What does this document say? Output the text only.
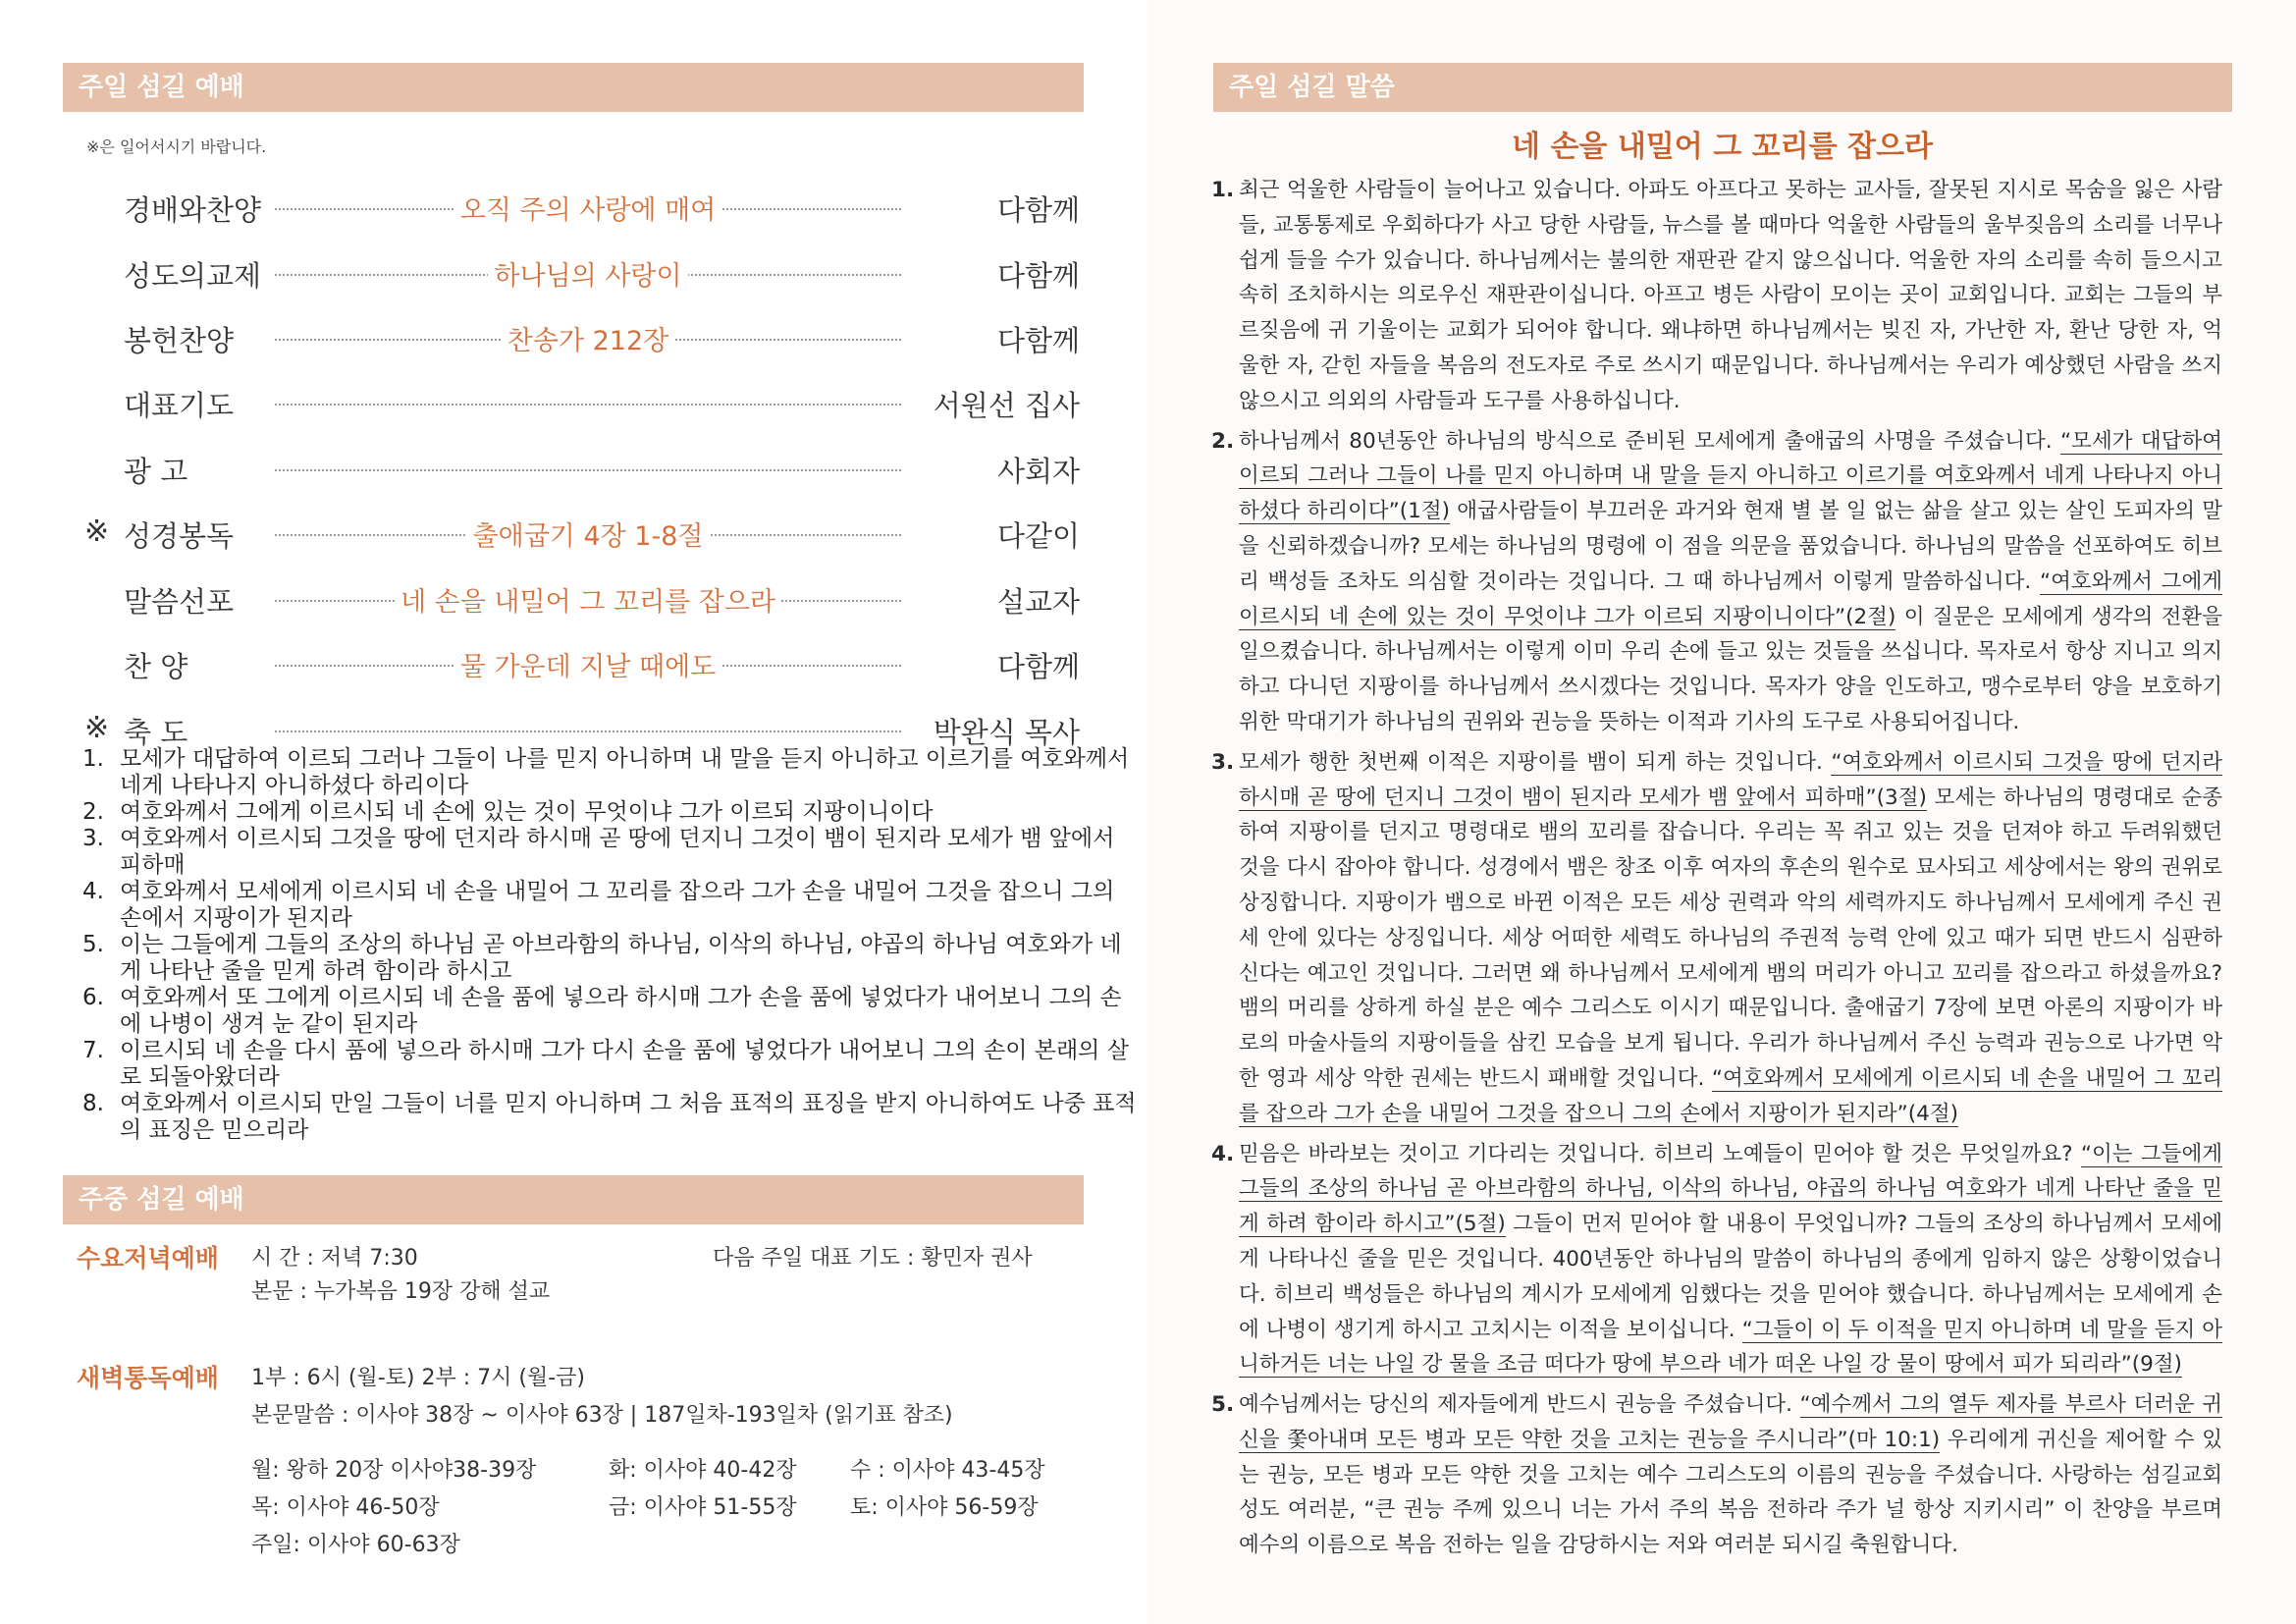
주일 섬길 예배
※은 일어서시기 바랍니다.
경배와찬양	오직 주의 사랑에 매여	다함께
성도의교제	하나님의 사랑이	다함께
봉헌찬양	찬송가 212장	다함께
대표기도	서원선 집사
광 고	사회자
※ 성경봉독	출애굽기 4장 1-8절	다같이
말씀선포	네 손을 내밀어 그 꼬리를 잡으라	설교자
찬 양	물 가운데 지날 때에도	다함께
※ 축 도	박완식 목사
1. 모세가 대답하여 이르되 그러나 그들이 나를 믿지 아니하며 내 말을 듣지 아니하고 이르기를 여호와께서 네게 나타나지 아니하셨다 하리이다
2. 여호와께서 그에게 이르시되 네 손에 있는 것이 무엇이냐 그가 이르되 지팡이니이다
3. 여호와께서 이르시되 그것을 땅에 던지라 하시매 곧 땅에 던지니 그것이 뱀이 된지라 모세가 뱀 앞에서 피하매
4. 여호와께서 모세에게 이르시되 네 손을 내밀어 그 꼬리를 잡으라 그가 손을 내밀어 그것을 잡으니 그의 손에서 지팡이가 된지라
5. 이는 그들에게 그들의 조상의 하나님 곧 아브라함의 하나님, 이삭의 하나님, 야곱의 하나님 여호와가 네게 나타난 줄을 믿게 하려 함이라 하시고
6. 여호와께서 또 그에게 이르시되 네 손을 품에 넣으라 하시매 그가 손을 품에 넣었다가 내어보니 그의 손에 나병이 생겨 눈 같이 된지라
7. 이르시되 네 손을 다시 품에 넣으라 하시매 그가 다시 손을 품에 넣었다가 내어보니 그의 손이 본래의 살로 되돌아왔더라
8. 여호와께서 이르시되 만일 그들이 너를 믿지 아니하며 그 처음 표적의 표징을 받지 아니하여도 나중 표적의 표징은 믿으리라
주중 섬길 예배
수요저녁예배 시 간 : 저녁 7:30	다음 주일 대표 기도 : 황민자 권사
본문 : 누가복음 19장 강해 설교
새벽통독예배 1부 : 6시 (월-토) 2부 : 7시 (월-금)
본문말씀 : 이사야 38장 ~ 이사야 63장 | 187일차-193일차 (읽기표 참조)
월: 왕하 20장 이사야38-39장	화: 이사야 40-42장 수 : 이사야 43-45장
목: 이사야 46-50장	금: 이사야 51-55장 토: 이사야 56-59장
주일: 이사야 60-63장
주일 섬길 말씀
네 손을 내밀어 그 꼬리를 잡으라
1. 최근 억울한 사람들이 늘어나고 있습니다. 아파도 아프다고 못하는 교사들, 잘못된 지시로 목숨을 잃은 사람들, 교통통제로 우회하다가 사고 당한 사람들, 뉴스를 볼 때마다 억울한 사람들의 울부짖음의 소리를 너무나 쉽게 들을 수가 있습니다. 하나님께서는 불의한 재판관 같지 않으십니다. 억울한 자의 소리를 속히 들으시고 속히 조치하시는 의로우신 재판관이십니다. 아프고 병든 사람이 모이는 곳이 교회입니다. 교회는 그들의 부르짖음에 귀 기울이는 교회가 되어야 합니다. 왜냐하면 하나님께서는 빚진 자, 가난한 자, 환난 당한 자, 억울한 자, 갇힌 자들을 복음의 전도자로 주로 쓰시기 때문입니다. 하나님께서는 우리가 예상했던 사람을 쓰지 않으시고 의외의 사람들과 도구를 사용하십니다.
2. 하나님께서 80년동안 하나님의 방식으로 준비된 모세에게 출애굽의 사명을 주셨습니다. “모세가 대답하여 이르되 그러나 그들이 나를 믿지 아니하며 내 말을 듣지 아니하고 이르기를 여호와께서 네게 나타나지 아니하셨다 하리이다”(1절) 애굽사람들이 부끄러운 과거와 현재 별 볼 일 없는 삶을 살고 있는 살인 도피자의 말을 신뢰하겠습니까? 모세는 하나님의 명령에 이 점을 의문을 품었습니다. 하나님의 말씀을 선포하여도 히브리 백성들 조차도 의심할 것이라는 것입니다. 그 때 하나님께서 이렇게 말씀하십니다. “여호와께서 그에게 이르시되 네 손에 있는 것이 무엇이냐 그가 이르되 지팡이니이다”(2절) 이 질문은 모세에게 생각의 전환을 일으켰습니다. 하나님께서는 이렇게 이미 우리 손에 들고 있는 것들을 쓰십니다. 목자로서 항상 지니고 의지하고 다니던 지팡이를 하나님께서 쓰시겠다는 것입니다. 목자가 양을 인도하고, 맹수로부터 양을 보호하기 위한 막대기가 하나님의 권위와 권능을 뜻하는 이적과 기사의 도구로 사용되어집니다.
3. 모세가 행한 첫번째 이적은 지팡이를 뱀이 되게 하는 것입니다. “여호와께서 이르시되 그것을 땅에 던지라 하시매 곧 땅에 던지니 그것이 뱀이 된지라 모세가 뱀 앞에서 피하매”(3절) 모세는 하나님의 명령대로 순종하여 지팡이를 던지고 명령대로 뱀의 꼬리를 잡습니다. 우리는 꼭 쥐고 있는 것을 던져야 하고 두려워했던 것을 다시 잡아야 합니다. 성경에서 뱀은 창조 이후 여자의 후손의 원수로 묘사되고 세상에서는 왕의 권위로 상징합니다. 지팡이가 뱀으로 바뀐 이적은 모든 세상 권력과 악의 세력까지도 하나님께서 모세에게 주신 권세 안에 있다는 상징입니다. 세상 어떠한 세력도 하나님의 주권적 능력 안에 있고 때가 되면 반드시 심판하신다는 예고인 것입니다. 그러면 왜 하나님께서 모세에게 뱀의 머리가 아니고 꼬리를 잡으라고 하셨을까요? 뱀의 머리를 상하게 하실 분은 예수 그리스도 이시기 때문입니다. 출애굽기 7장에 보면 아론의 지팡이가 바로의 마술사들의 지팡이들을 삼킨 모습을 보게 됩니다. 우리가 하나님께서 주신 능력과 권능으로 나가면 악한 영과 세상 악한 권세는 반드시 패배할 것입니다. “여호와께서 모세에게 이르시되 네 손을 내밀어 그 꼬리를 잡으라 그가 손을 내밀어 그것을 잡으니 그의 손에서 지팡이가 된지라”(4절)
4. 믿음은 바라보는 것이고 기다리는 것입니다. 히브리 노예들이 믿어야 할 것은 무엇일까요? “이는 그들에게 그들의 조상의 하나님 곧 아브라함의 하나님, 이삭의 하나님, 야곱의 하나님 여호와가 네게 나타난 줄을 믿게 하려 함이라 하시고”(5절) 그들이 먼저 믿어야 할 내용이 무엇입니까? 그들의 조상의 하나님께서 모세에게 나타나신 줄을 믿은 것입니다. 400년동안 하나님의 말씀이 하나님의 종에게 임하지 않은 상황이었습니다. 히브리 백성들은 하나님의 계시가 모세에게 임했다는 것을 믿어야 했습니다. 하나님께서는 모세에게 손에 나병이 생기게 하시고 고치시는 이적을 보이십니다. “그들이 이 두 이적을 믿지 아니하며 네 말을 듣지 아니하거든 너는 나일 강 물을 조금 떠다가 땅에 부으라 네가 떠온 나일 강 물이 땅에서 피가 되리라”(9절)
5. 예수님께서는 당신의 제자들에게 반드시 권능을 주셨습니다. “예수께서 그의 열두 제자를 부르사 더러운 귀신을 쫓아내며 모든 병과 모든 약한 것을 고치는 권능을 주시니라”(마 10:1) 우리에게 귀신을 제어할 수 있는 권능, 모든 병과 모든 약한 것을 고치는 예수 그리스도의 이름의 권능을 주셨습니다. 사랑하는 섬길교회 성도 여러분, “큰 권능 주께 있으니 너는 가서 주의 복음 전하라 주가 널 항상 지키시리” 이 찬양을 부르며 예수의 이름으로 복음 전하는 일을 감당하시는 저와 여러분 되시길 축원합니다.
